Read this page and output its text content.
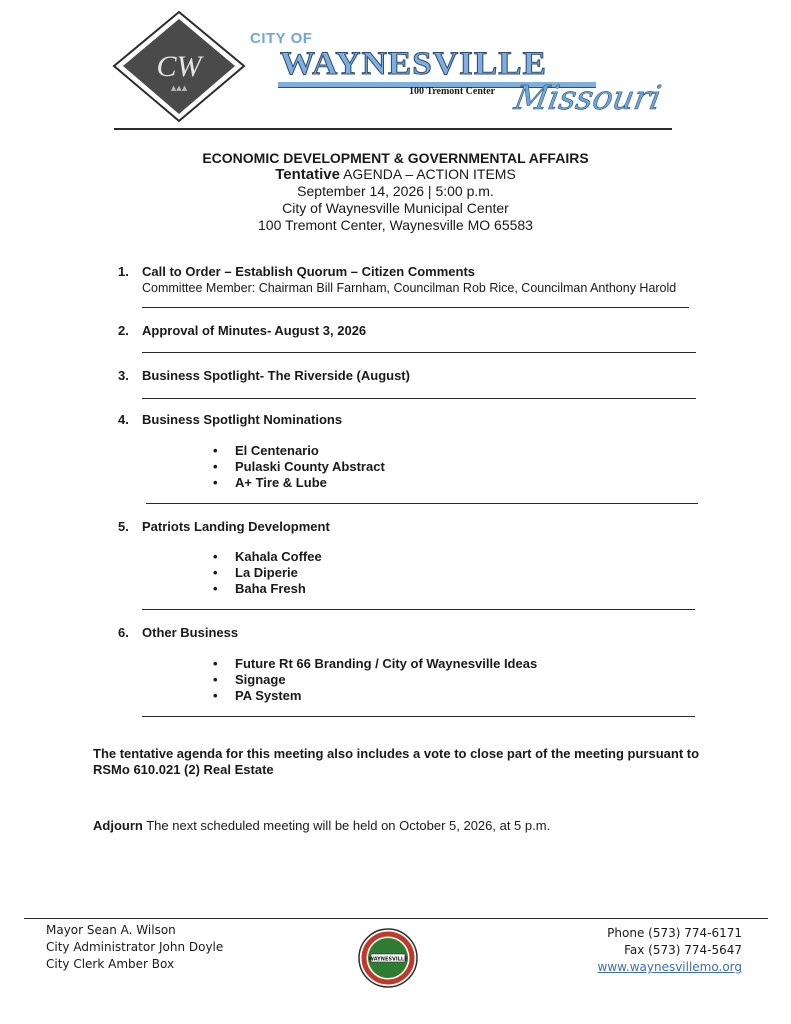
CW
▲▲▲
CITY OF
WAYNESVILLE
100 Tremont Center Missouri
ECONOMIC DEVELOPMENT & GOVERNMENTAL AFFAIRS
Tentative AGENDA – ACTION ITEMS
September 14, 2026 | 5:00 p.m.
City of Waynesville Municipal Center
100 Tremont Center, Waynesville MO 65583
1. Call to Order – Establish Quorum – Citizen Comments
Committee Member: Chairman Bill Farnham, Councilman Rob Rice, Councilman Anthony Harold
2. Approval of Minutes- August 3, 2026
3. Business Spotlight- The Riverside (August)
4. Business Spotlight Nominations
• El Centenario
• Pulaski County Abstract
• A+ Tire & Lube
5. Patriots Landing Development
• Kahala Coffee
• La Diperie
• Baha Fresh
6. Other Business
• Future Rt 66 Branding / City of Waynesville Ideas
• Signage
• PA System
The tentative agenda for this meeting also includes a vote to close part of the meeting pursuant to RSMo 610.021 (2) Real Estate
Adjourn The next scheduled meeting will be held on October 5, 2026, at 5 p.m.
Mayor Sean A. Wilson
City Administrator John Doyle
City Clerk Amber Box	WAYNESVILLE
Phone (573) 774-6171
Fax (573) 774-5647
www.waynesvillemo.org
